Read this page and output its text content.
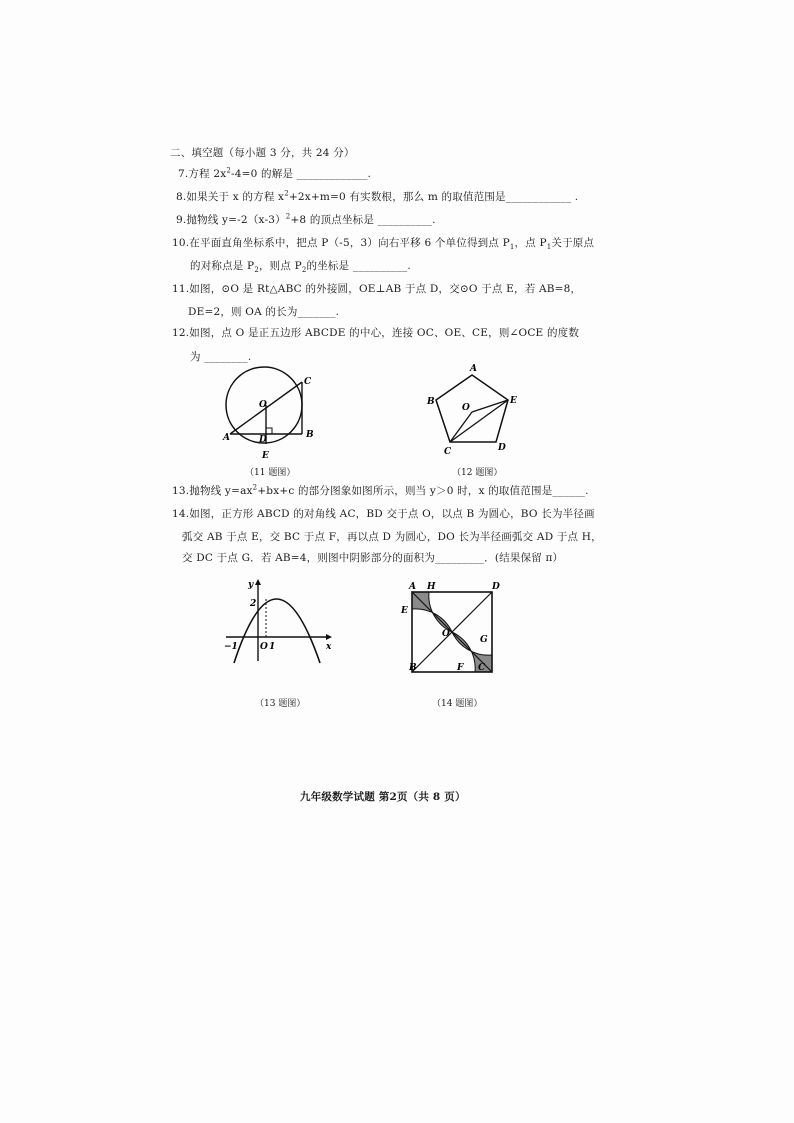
二、填空题（每小题 3 分，共 24 分）
7.方程 $2x^2-4=0$ 的解是 _____________.
8.如果关于 x 的方程 $x^2+2x+m=0$ 有实数根，那么 m 的取值范围是____________ .
9.抛物线 $y=-2(x-3)^2+8$ 的顶点坐标是 __________.
10.在平面直角坐标系中，把点 P（-5，3）向右平移 6 个单位得到点 $P_1$，点 $P_1$关于原点
的对称点是 $P_2$，则点 $P_2$的坐标是 __________.
11.如图，⊙O 是 Rt△ABC 的外接圆，OE⊥AB 于点 D，交⊙O 于点 E，若 AB=8，
DE=2，则 OA 的长为_______.
12.如图，点 O 是正五边形 ABCDE 的中心，连接 OC、OE、CE，则∠OCE 的度数
为 ________.
A	B
C
O
D
E
（11 题图）
A
B
C	D
E
O
（12 题图）
13.抛物线 $y=ax^2+bx+c$ 的部分图象如图所示，则当 y＞0 时，x 的取值范围是______.
14.如图，正方形 ABCD 的对角线 AC，BD 交于点 O，以点 B 为圆心，BO 长为半径画
弧交 AB 于点 E，交 BC 于点 F，再以点 D 为圆心，DO 长为半径画弧交 AD 于点 H，
交 DC 于点 G．若 AB=4，则图中阴影部分的面积为_________．(结果保留 π）
y
x
2
−1 O 1
（13 题图）
A H	D
E
O
G
B	F C
（14 题图）
九年级数学试题 第2页（共 8 页）
